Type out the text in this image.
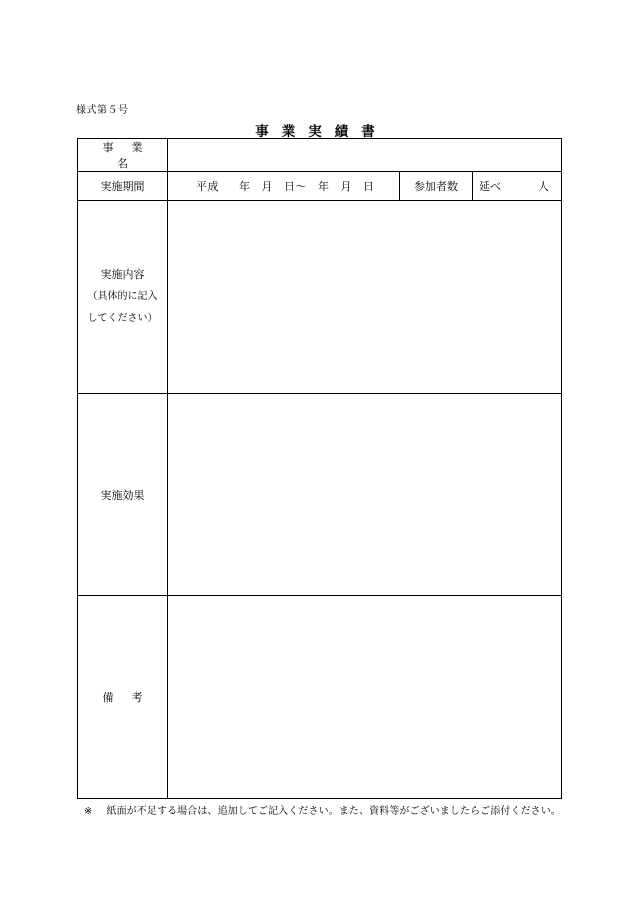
様式第５号
事業実績書
事業名			
実施期間	平成 年 月 日～ 年 月 日	参加者数	延べ 人

実施内容
（具体的に記入
してください）			

実施効果			
備考			
※ 紙面が不足する場合は、追加してご記入ください。また、資料等がございましたらご添付ください。
